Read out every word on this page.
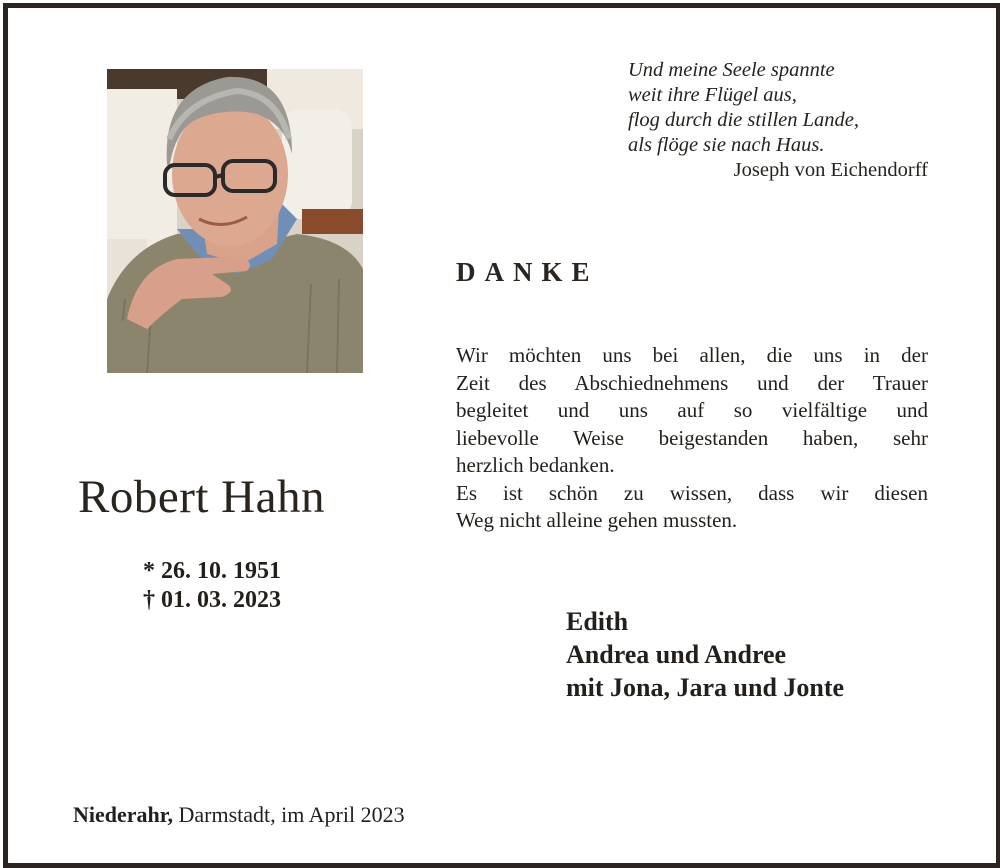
Und meine Seele spannte
weit ihre Flügel aus,
flog durch die stillen Lande,
als flöge sie nach Haus.
Joseph von Eichendorff
DANKE
Wir möchten uns bei allen, die uns in der
Zeit des Abschiednehmens und der Trauer
begleitet und uns auf so vielfältige und
liebevolle Weise beigestanden haben, sehr
herzlich bedanken.
Es ist schön zu wissen, dass wir diesen
Weg nicht alleine gehen mussten.
Robert Hahn
* 26. 10. 1951
† 01. 03. 2023
Edith
Andrea und Andree
mit Jona, Jara und Jonte
Niederahr, Darmstadt, im April 2023
